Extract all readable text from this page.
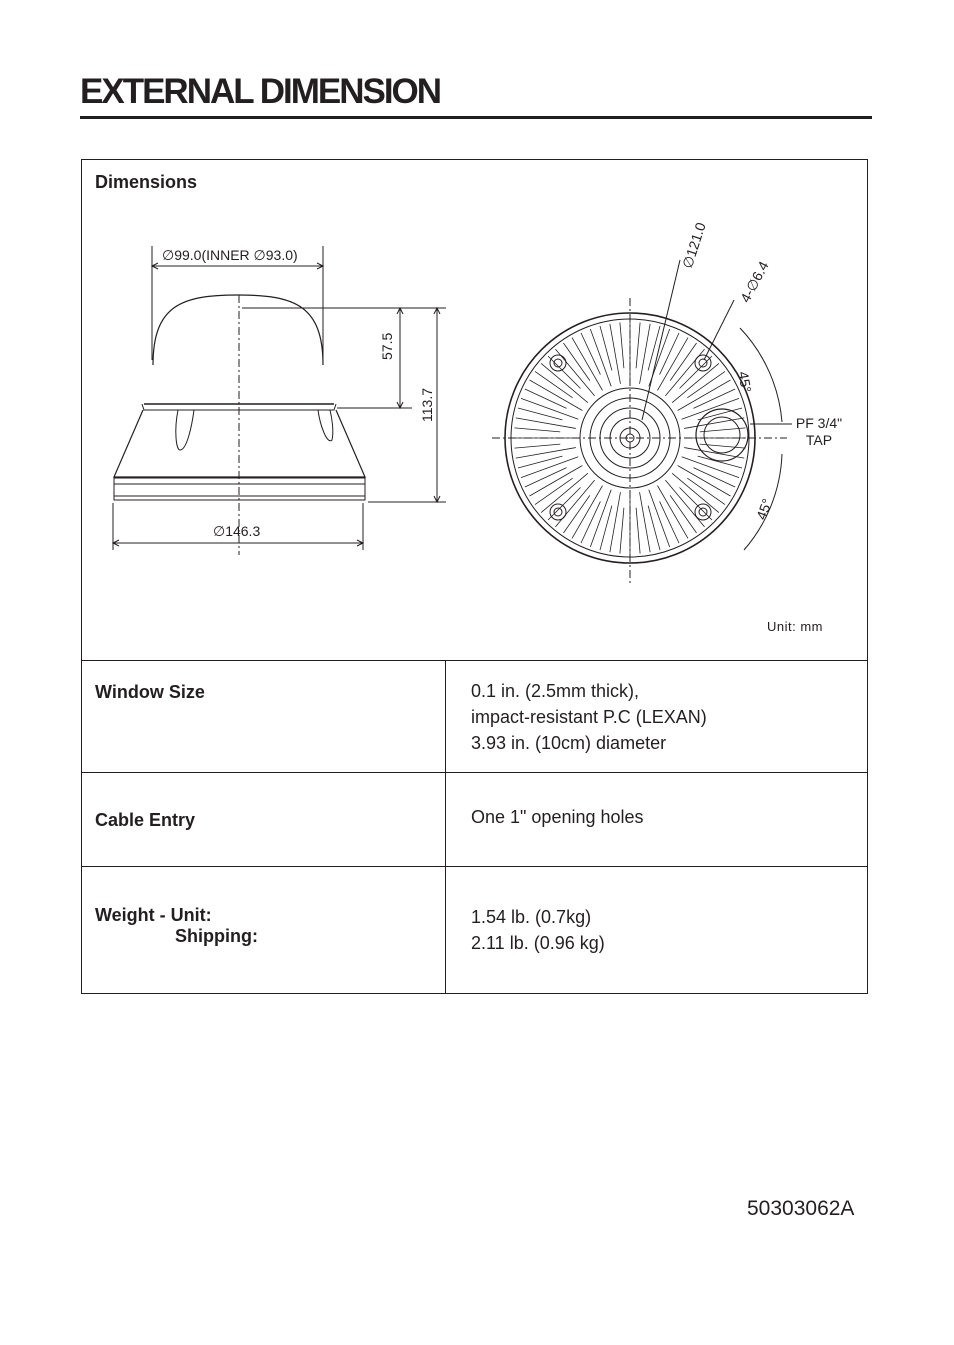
EXTERNAL DIMENSION
Dimensions
∅99.0(INNER ∅93.0)
57.5
113.7
∅146.3
∅121.0
4-∅6.4
45°
45°
PF 3/4"
TAP
Unit: mm
Window Size	0.1 in. (2.5mm thick),
impact-resistant P.C (LEXAN)
3.93 in. (10cm) diameter
Cable Entry	One 1" opening holes
Weight - Unit:
Shipping:
1.54 lb. (0.7kg)
2.11 lb. (0.96 kg)
50303062A
